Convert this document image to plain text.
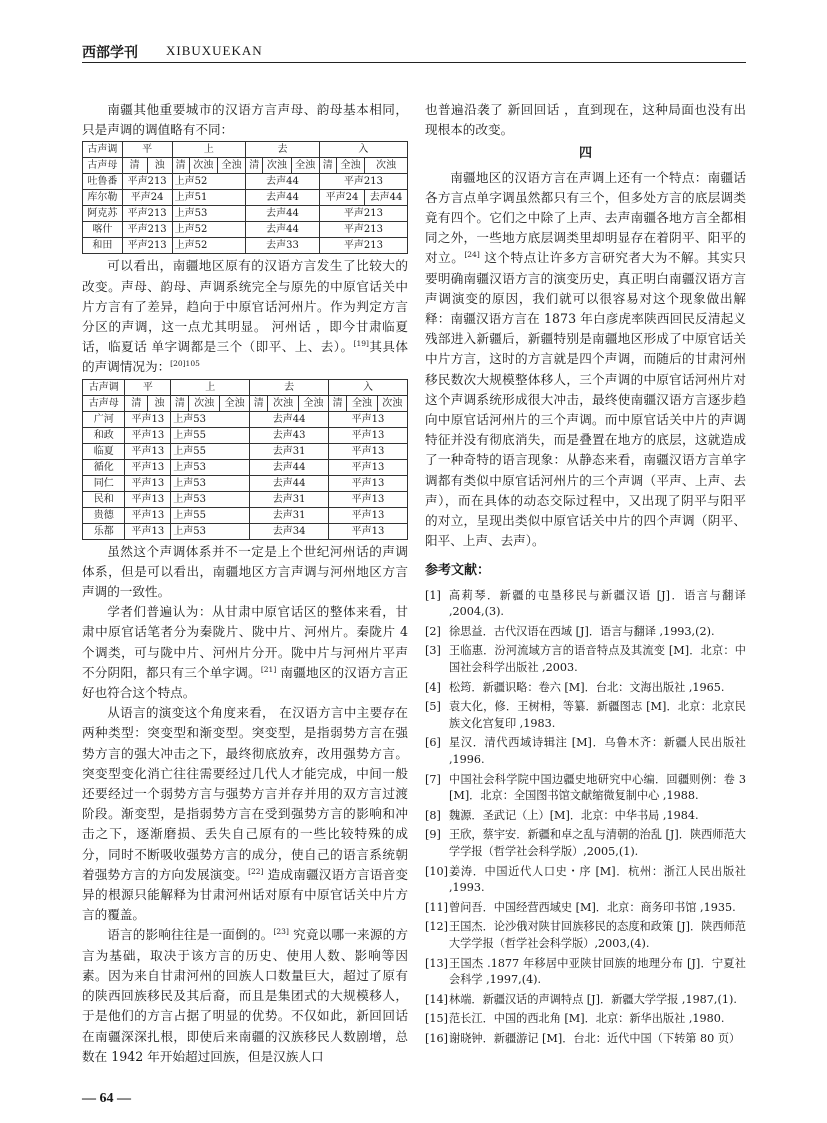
西部学刊 XIBUXUEKAN

南疆其他重要城市的汉语方言声母、韵母基本相同，只是声调的调值略有不同：

古声调	平		上			去			入		
古声母	清	浊	清	次浊	全浊	清	次浊	全浊	清	全浊	次浊
吐鲁番	平声213		上声52			去声44			平声213		
库尔勒	平声24		上声51			去声44			平声24		去声44
阿克苏	平声213		上声53			去声44			平声213		
喀什	平声213		上声52			去声44			平声213		
和田	平声213		上声52			去声33			平声213		

可以看出，南疆地区原有的汉语方言发生了比较大的改变。声母、韵母、声调系统完全与原先的中原官话关中片方言有了差异，趋向于中原官话河州片。作为判定方言分区的声调，这一点尤其明显。 河州话 ，即今甘肃临夏话，临夏话 单字调都是三个（即平、上、去）。[19]其具体的声调情况为：$^{[20]105}$

古声调	平		上			去			入		
古声母	清	浊	清	次浊	全浊	清	次浊	全浊	清	全浊	次浊
广河	平声13		上声53			去声44			平声13		
和政	平声13		上声55			去声43			平声13		
临夏	平声13		上声55			去声31			平声13		
循化	平声13		上声53			去声44			平声13		
同仁	平声13		上声53			去声44			平声13		
民和	平声13		上声53			去声31			平声13		
贵德	平声13		上声55			去声31			平声13		
乐都	平声13		上声53			去声34			平声13		

虽然这个声调体系并不一定是上个世纪河州话的声调体系，但是可以看出，南疆地区方言声调与河州地区方言声调的一致性。

学者们普遍认为：从甘肃中原官话区的整体来看，甘肃中原官话笔者分为秦陇片、陇中片、河州片。秦陇片 4 个调类，可与陇中片、河州片分开。陇中片与河州片平声不分阴阳，都只有三个单字调。[21] 南疆地区的汉语方言正好也符合这个特点。

从语言的演变这个角度来看， 在汉语方言中主要存在两种类型：突变型和渐变型。突变型，是指弱势方言在强势方言的强大冲击之下，最终彻底放弃，改用强势方言。突变型变化消亡往往需要经过几代人才能完成，中间一般还要经过一个弱势方言与强势方言并存并用的双方言过渡阶段。渐变型，是指弱势方言在受到强势方言的影响和冲击之下，逐渐磨损、丢失自己原有的一些比较特殊的成分，同时不断吸收强势方言的成分，使自己的语言系统朝着强势方言的方向发展演变。[22] 造成南疆汉语方言语音变异的根源只能解释为甘肃河州话对原有中原官话关中片方言的覆盖。

语言的影响往往是一面倒的。[23] 究竟以哪一来源的方言为基础，取决于该方言的历史、使用人数、影响等因素。因为来自甘肃河州的回族人口数量巨大，超过了原有的陕西回族移民及其后裔，而且是集团式的大规模移人，于是他们的方言占据了明显的优势。不仅如此，新回回话 在南疆深深扎根，即使后来南疆的汉族移民人数剧增，总数在 1942 年开始超过回族，但是汉族人口

也普遍沿袭了 新回回话 ，直到现在，这种局面也没有出现根本的改变。

四

南疆地区的汉语方言在声调上还有一个特点：南疆话各方言点单字调虽然都只有三个，但多处方言的底层调类竟有四个。它们之中除了上声、去声南疆各地方言全都相同之外，一些地方底层调类里却明显存在着阴平、阳平的对立。[24] 这个特点让许多方言研究者大为不解。其实只要明确南疆汉语方言的演变历史，真正明白南疆汉语方言声调演变的原因，我们就可以很容易对这个现象做出解释：南疆汉语方言在 1873 年白彦虎率陕西回民反清起义残部进入新疆后，新疆特别是南疆地区形成了中原官话关中片方言，这时的方言就是四个声调，而随后的甘肃河州移民数次大规模整体移人，三个声调的中原官话河州片对这个声调系统形成很大冲击，最终使南疆汉语方言逐步趋向中原官话河州片的三个声调。而中原官话关中片的声调特征并没有彻底消失，而是叠置在地方的底层，这就造成了一种奇特的语言现象：从静态来看，南疆汉语方言单字调都有类似中原官话河州片的三个声调（平声、上声、去声），而在具体的动态交际过程中，又出现了阴平与阳平的对立，呈现出类似中原官话关中片的四个声调（阴平、阳平、上声、去声）。

参考文献：
[1] 高莉琴．新疆的屯垦移民与新疆汉语 [J]．语言与翻译 ,2004,(3).
[2] 徐思益．古代汉语在西域 [J]．语言与翻译 ,1993,(2).
[3] 王临惠．汾河流域方言的语音特点及其流变 [M]．北京：中国社会科学出版社 ,2003.
[4] 松筠．新疆识略：卷六 [M]．台北：文海出版社 ,1965.
[5] 袁大化，修．王树枏，等纂．新疆图志 [M]．北京：北京民族文化宫复印 ,1983.
[6] 星汉．清代西域诗辑注 [M]．乌鲁木齐：新疆人民出版社 ,1996.
[7] 中国社会科学院中国边疆史地研究中心编．回疆则例：卷 3 [M]．北京：全国图书馆文献缩微复制中心 ,1988.
[8] 魏源．圣武记（上）[M]．北京：中华书局 ,1984.
[9] 王欣，蔡宇安．新疆和卓之乱与清朝的治乱 [J]．陕西师范大学学报（哲学社会科学版）,2005,(1).
[10] 姜涛．中国近代人口史・序 [M]．杭州：浙江人民出版社 ,1993.
[11] 曾问吾．中国经营西域史 [M]．北京：商务印书馆 ,1935.
[12] 王国杰．论沙俄对陕甘回族移民的态度和政策 [J]．陕西师范大学学报（哲学社会科学版）,2003,(4).
[13] 王国杰 .1877 年移居中亚陕甘回族的地理分布 [J]．宁夏社会科学 ,1997,(4).
[14] 林端．新疆汉话的声调特点 [J]．新疆大学学报 ,1987,(1).
[15] 范长江．中国的西北角 [M]．北京：新华出版社 ,1980.
[16] 谢晓钟．新疆游记 [M]．台北：近代中国（下转第 80 页）
— 64 —
